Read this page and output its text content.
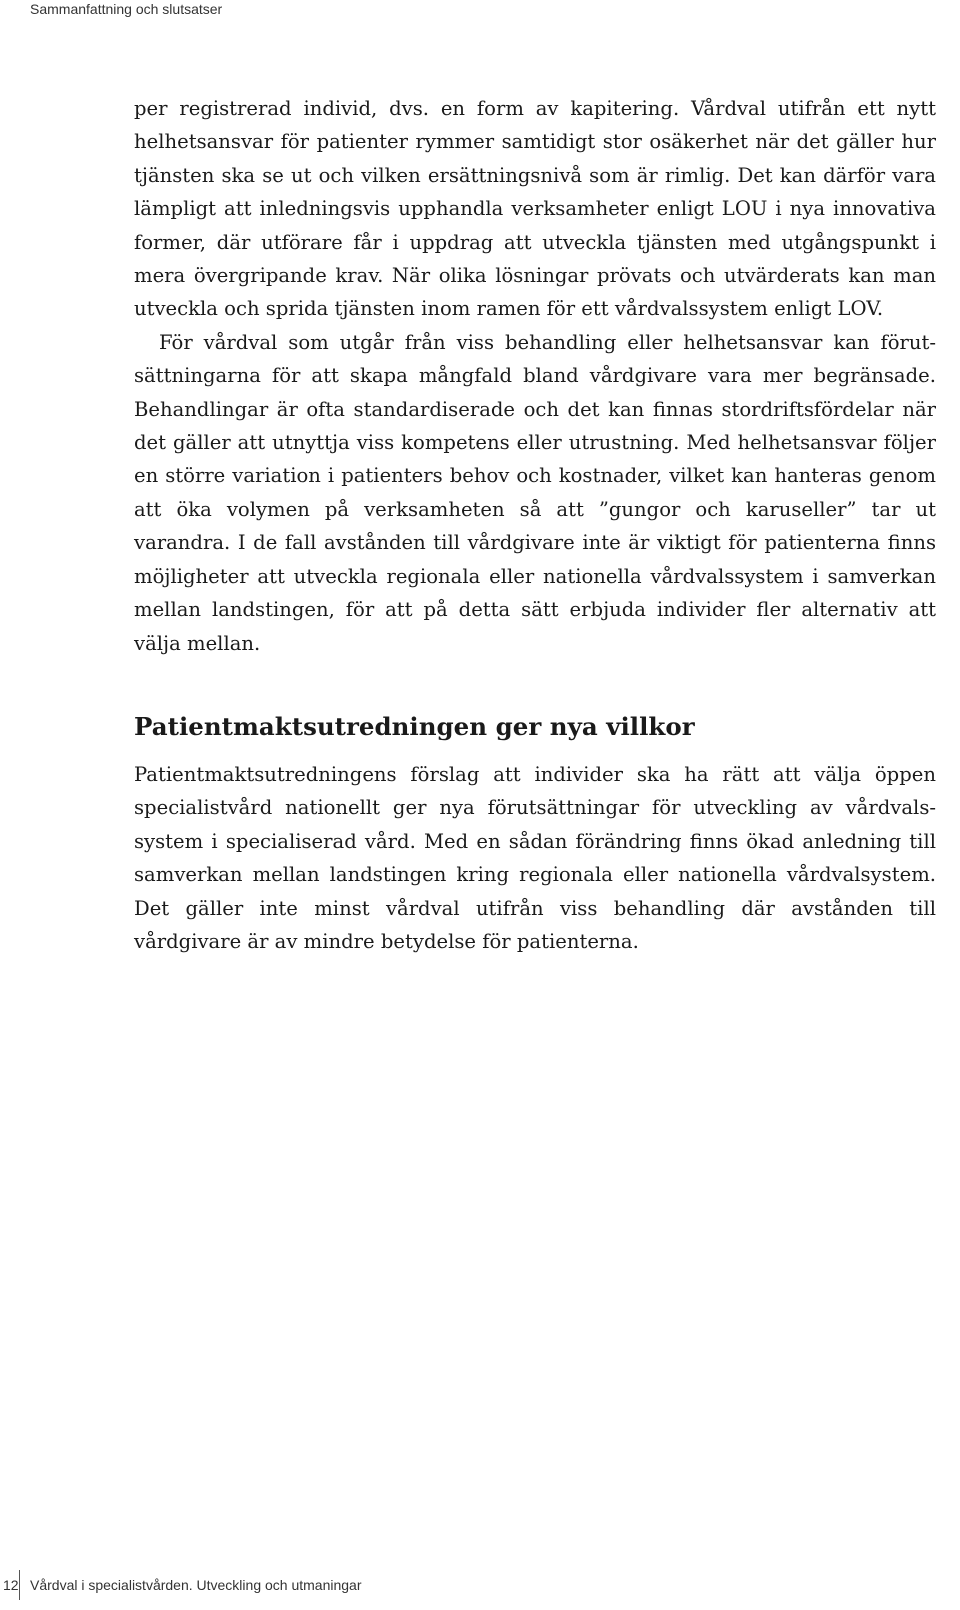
Sammanfattning och slutsatser

per registrerad individ, dvs. en form av kapitering. Vårdval utifrån ett nytt helhetsansvar för patienter rymmer samtidigt stor osäkerhet när det gäller hur tjänsten ska se ut och vilken ersättningsnivå som är rimlig. Det kan därför vara lämpligt att inledningsvis upphandla verksamheter enligt LOU i nya innovativa former, där utförare får i uppdrag att utveckla tjänsten med utgångspunkt i mera övergripande krav. När olika lösningar prövats och utvärderats kan man utveckla och sprida tjänsten inom ramen för ett vårdvalssystem enligt LOV.

För vårdval som utgår från viss behandling eller helhetsansvar kan förutsättningarna för att skapa mångfald bland vårdgivare vara mer begränsade. Behandlingar är ofta standardiserade och det kan finnas stordriftsfördelar när det gäller att utnyttja viss kompetens eller utrustning. Med helhetsansvar följer en större variation i patienters behov och kostnader, vilket kan hanteras genom att öka volymen på verksamheten så att ”gungor och karuseller” tar ut varandra. I de fall avstånden till vårdgivare inte är viktigt för patienterna finns möjligheter att utveckla regionala eller nationella vårdvalssystem i samverkan mellan landstingen, för att på detta sätt erbjuda individer fler alternativ att välja mellan.

Patientmaktsutredningen ger nya villkor

Patientmaktsutredningens förslag att individer ska ha rätt att välja öppen specialistvård nationellt ger nya förutsättningar för utveckling av vårdvalssystem i specialiserad vård. Med en sådan förändring finns ökad anledning till samverkan mellan landstingen kring regionala eller nationella vårdvalsystem. Det gäller inte minst vårdval utifrån viss behandling där avstånden till vårdgivare är av mindre betydelse för patienterna.

12 Vårdval i specialistvården. Utveckling och utmaningar
